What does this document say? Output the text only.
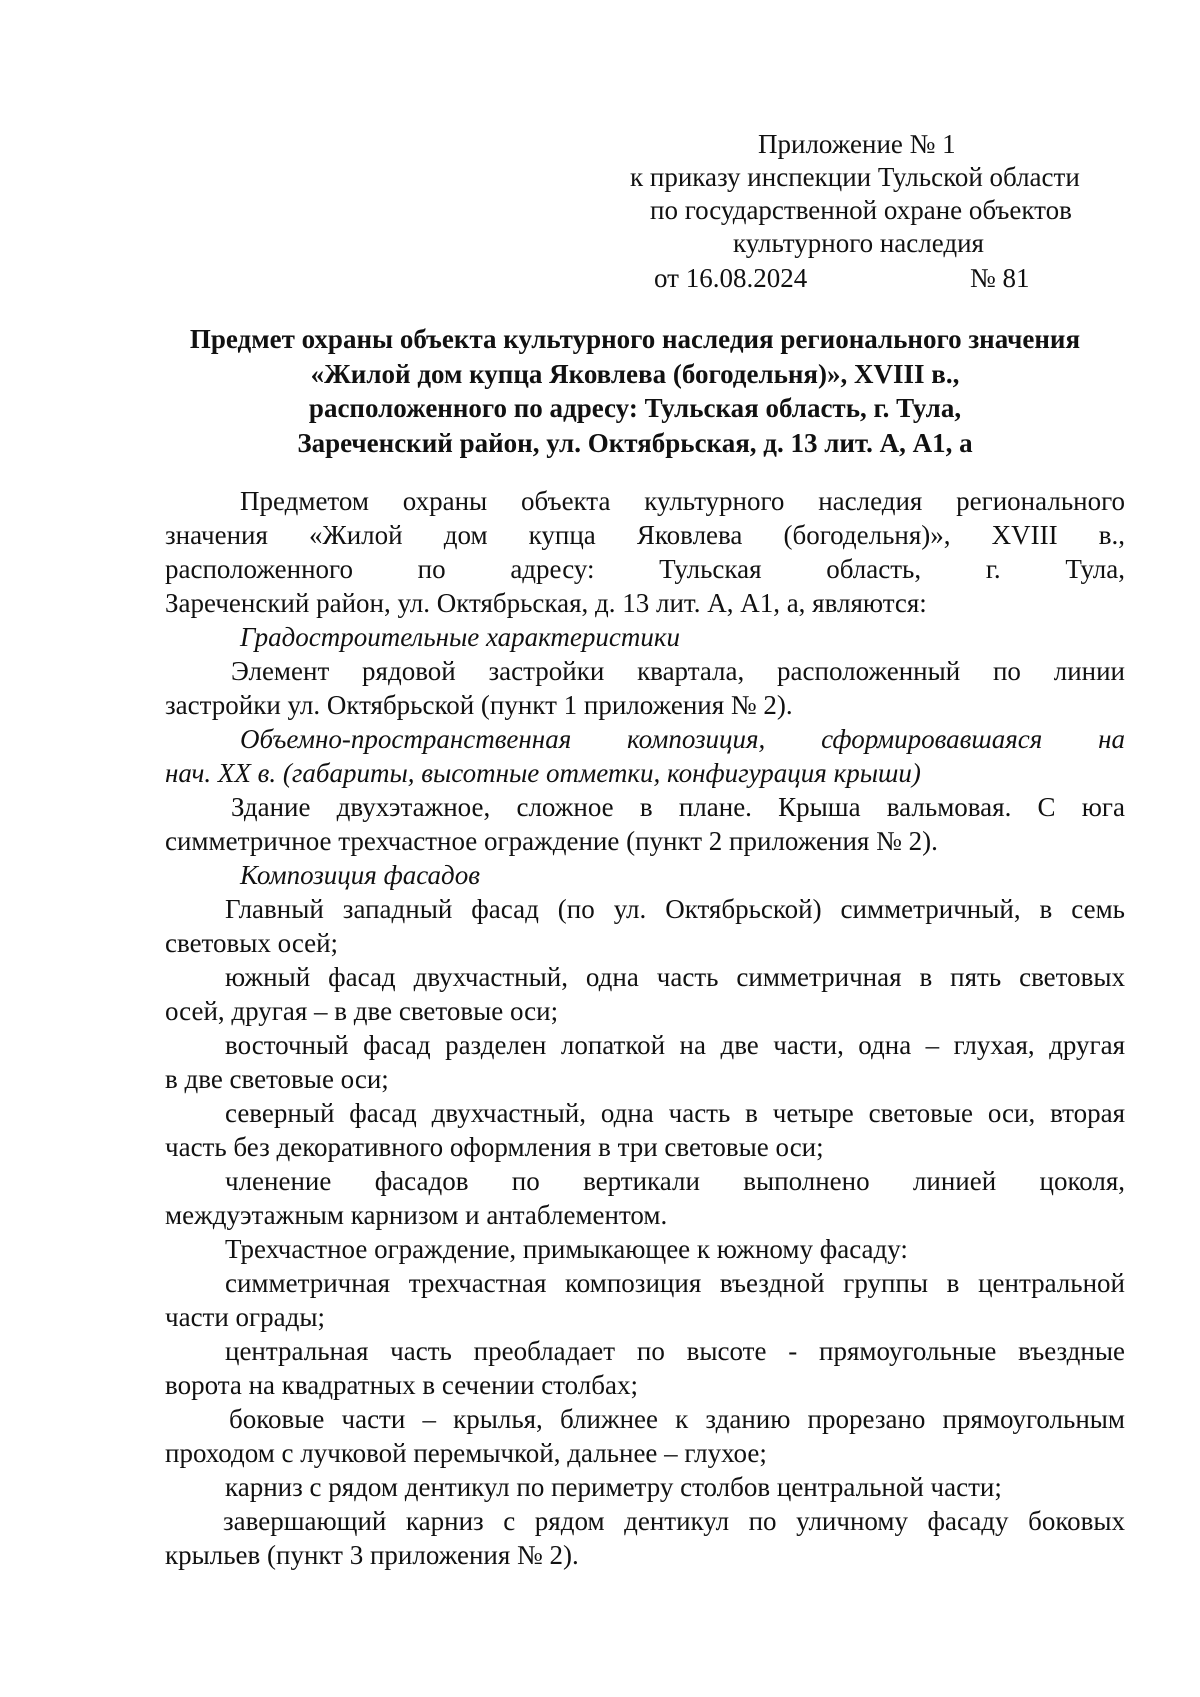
Приложение № 1
к приказу инспекции Тульской области
по государственной охране объектов
культурного наследия
от 16.08.2024	№ 81
Предмет охраны объекта культурного наследия регионального значения
«Жилой дом купца Яковлева (богодельня)», XVIII в.,
расположенного по адресу: Тульская область, г. Тула,
Зареченский район, ул. Октябрьская, д. 13 лит. А, А1, а
Предметом охраны объекта культурного наследия регионального
значения «Жилой дом купца Яковлева (богодельня)», XVIII в.,
расположенного по адресу: Тульская область, г. Тула,
Зареченский район, ул. Октябрьская, д. 13 лит. А, А1, а, являются:
Градостроительные характеристики
Элемент рядовой застройки квартала, расположенный по линии
застройки ул. Октябрьской (пункт 1 приложения № 2).
Объемно-пространственная композиция, сформировавшаяся на
нач. XX в. (габариты, высотные отметки, конфигурация крыши)
Здание двухэтажное, сложное в плане. Крыша вальмовая. С юга
симметричное трехчастное ограждение (пункт 2 приложения № 2).
Композиция фасадов
Главный западный фасад (по ул. Октябрьской) симметричный, в семь
световых осей;
южный фасад двухчастный, одна часть симметричная в пять световых
осей, другая – в две световые оси;
восточный фасад разделен лопаткой на две части, одна – глухая, другая
в две световые оси;
северный фасад двухчастный, одна часть в четыре световые оси, вторая
часть без декоративного оформления в три световые оси;
членение фасадов по вертикали выполнено линией цоколя,
междуэтажным карнизом и антаблементом.
Трехчастное ограждение, примыкающее к южному фасаду:
симметричная трехчастная композиция въездной группы в центральной
части ограды;
центральная часть преобладает по высоте - прямоугольные въездные
ворота на квадратных в сечении столбах;
боковые части – крылья, ближнее к зданию прорезано прямоугольным
проходом с лучковой перемычкой, дальнее – глухое;
карниз с рядом дентикул по периметру столбов центральной части;
завершающий карниз с рядом дентикул по уличному фасаду боковых
крыльев (пункт 3 приложения № 2).
